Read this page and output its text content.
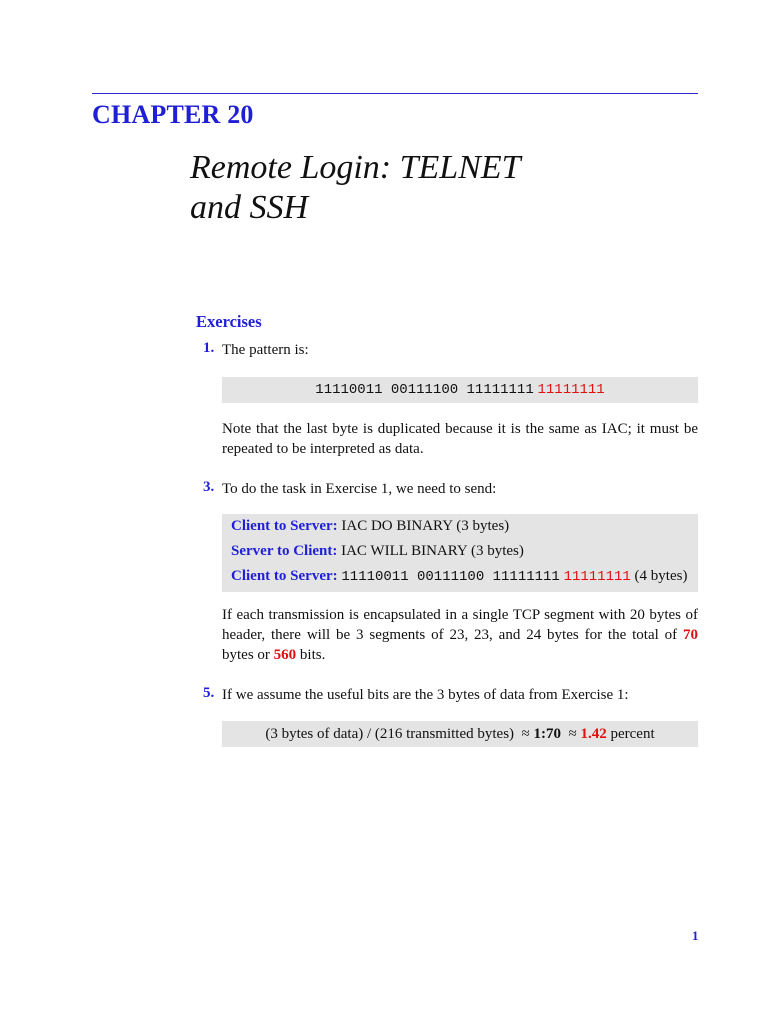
CHAPTER 20
Remote Login: TELNET
and SSH
Exercises
1. The pattern is:
11110011 00111100 11111111
11111111
Note that the last byte is duplicated because it is the same as IAC; it must be repeated to be interpreted as data.
3. To do the task in Exercise 1, we need to send:
Client to Server: IAC DO BINARY (3 bytes)
Server to Client: IAC WILL BINARY (3 bytes)
Client to Server: 11110011 00111100 11111111 11111111 (4 bytes)
If each transmission is encapsulated in a single TCP segment with 20 bytes of header, there will be 3 segments of 23, 23, and 24 bytes for the total of 70 bytes or 560 bits.
5. If we assume the useful bits are the 3 bytes of data from Exercise 1:
(3 bytes of data) / (216 transmitted bytes)
≈
1:70
≈
1.42
percent
1
